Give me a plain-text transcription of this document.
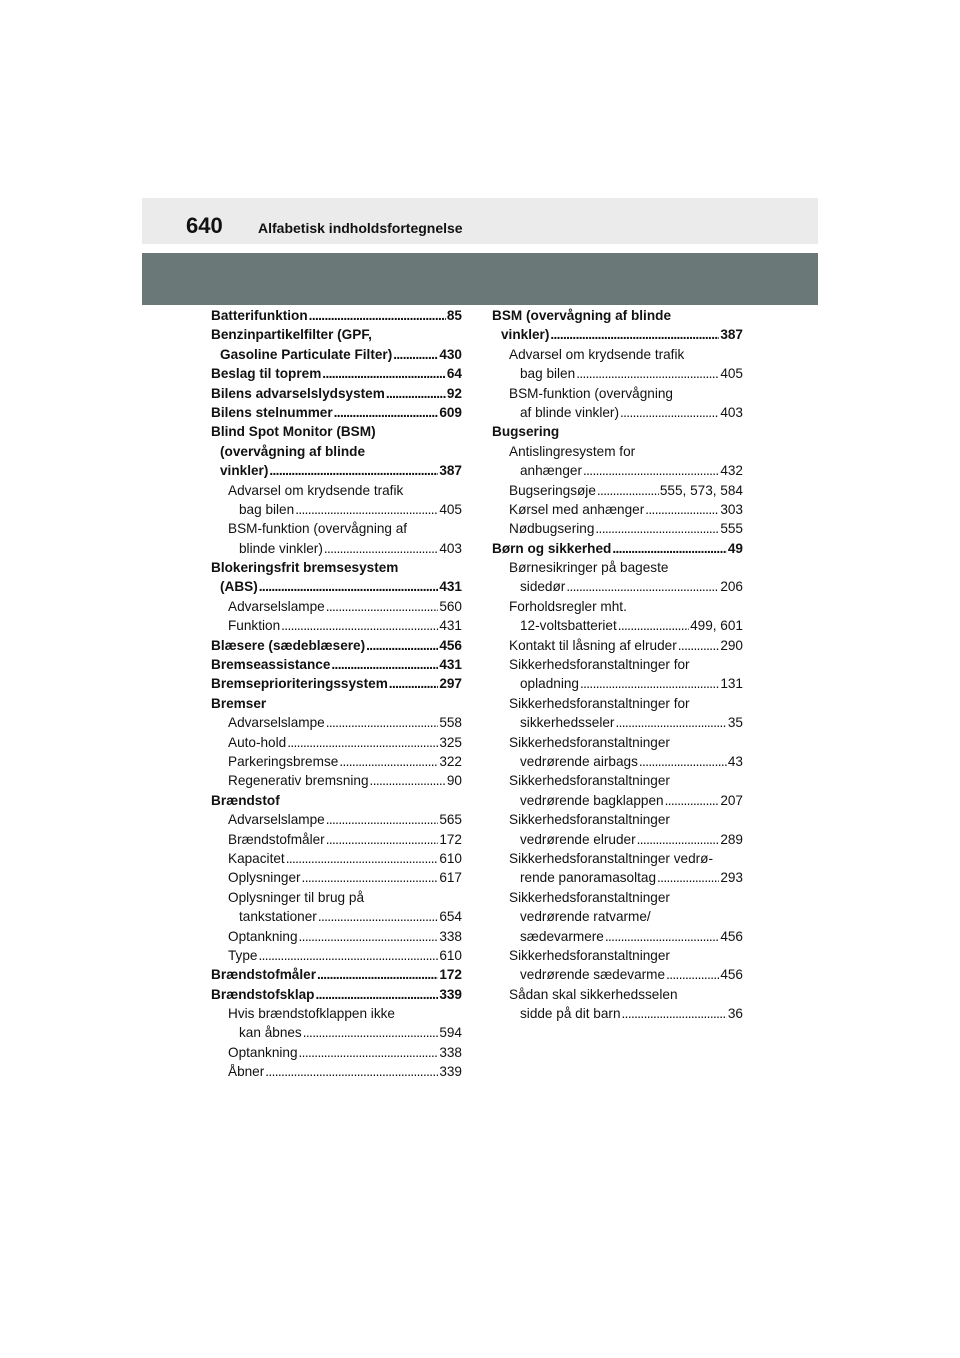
640	Alfabetisk indholdsfortegnelse
Batterifunktion . . .	85
Benzinpartikelfilter (GPF,
Gasoline Particulate Filter) . . .	430
Beslag til toprem . . .	64
Bilens advarselslydsystem . . .	92
Bilens stelnummer . . .	609
Blind Spot Monitor (BSM)
(overvågning af blinde
vinkler) . . .	387
Advarsel om krydsende trafik
bag bilen . . .	405
BSM-funktion (overvågning af
blinde vinkler) . . .	403
Blokeringsfrit bremsesystem
(ABS) . . .	431
Advarselslampe . . .	560
Funktion . . .	431
Blæsere (sædeblæsere) . . .	456
Bremseassistance . . .	431
Bremseprioriteringssystem . . .	297
Bremser
Advarselslampe . . .	558
Auto-hold . . .	325
Parkeringsbremse . . .	322
Regenerativ bremsning . . .	90
Brændstof
Advarselslampe . . .	565
Brændstofmåler . . .	172
Kapacitet . . .	610
Oplysninger . . .	617
Oplysninger til brug på
tankstationer . . .	654
Optankning . . .	338
Type . . .	610
Brændstofmåler . . .	172
Brændstofsklap . . .	339
Hvis brændstofklappen ikke
kan åbnes . . .	594
Optankning . . .	338
Åbner . . .	339
BSM (overvågning af blinde
vinkler) . . .	387
Advarsel om krydsende trafik
bag bilen . . .	405
BSM-funktion (overvågning
af blinde vinkler) . . .	403
Bugsering
Antislingresystem for
anhænger . . .	432
Bugseringsøje . . .	555, 573, 584
Kørsel med anhænger . . .	303
Nødbugsering . . .	555
Børn og sikkerhed . . .	49
Børnesikringer på bageste
sidedør . . .	206
Forholdsregler mht.
12-voltsbatteriet . . .	499, 601
Kontakt til låsning af elruder . . .	290
Sikkerhedsforanstaltninger for
opladning . . .	131
Sikkerhedsforanstaltninger for
sikkerhedsseler . . .	35
Sikkerhedsforanstaltninger
vedrørende airbags . . .	43
Sikkerhedsforanstaltninger
vedrørende bagklappen . . .	207
Sikkerhedsforanstaltninger
vedrørende elruder . . .	289
Sikkerhedsforanstaltninger vedrø-
rende panoramasoltag . . .	293
Sikkerhedsforanstaltninger
vedrørende ratvarme/
sædevarmere . . .	456
Sikkerhedsforanstaltninger
vedrørende sædevarme . . .	456
Sådan skal sikkerhedsselen
sidde på dit barn . . .	36
